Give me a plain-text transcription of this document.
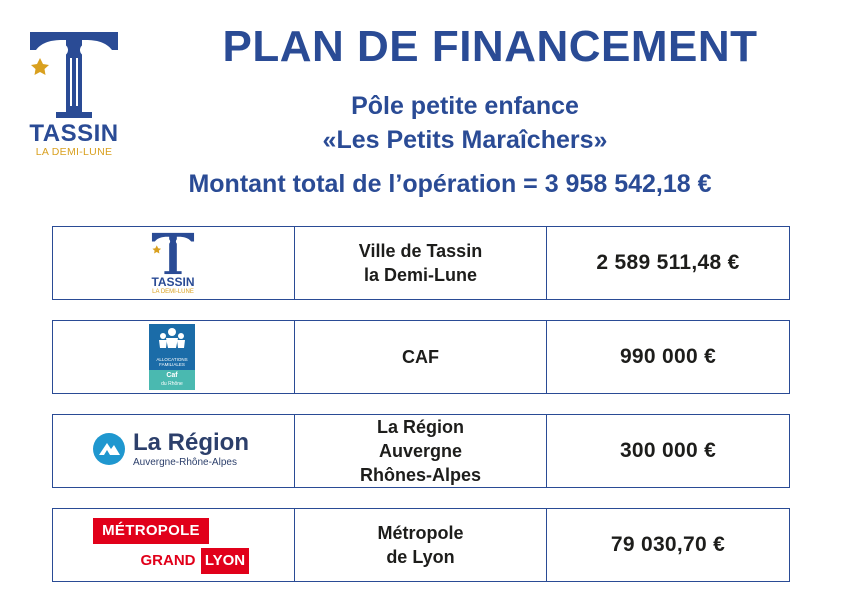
TASSIN
LA DEMI-LUNE
PLAN DE FINANCEMENT
Pôle petite enfance
«Les Petits Maraîchers»
Montant total de l’opération = 3 958 542,18 €
TASSIN
LA DEMI-LUNE
Ville de Tassin
la Demi-Lune
2 589 511,48 €
ALLOCATIONS
FAMILIALES
Caf
du Rhône
CAF	990 000 €
La Région
Auvergne-Rhône-Alpes
La Région
Auvergne
Rhônes-Alpes
300 000 €
MÉTROPOLE
GRAND LYON
Métropole
de Lyon
79 030,70 €
